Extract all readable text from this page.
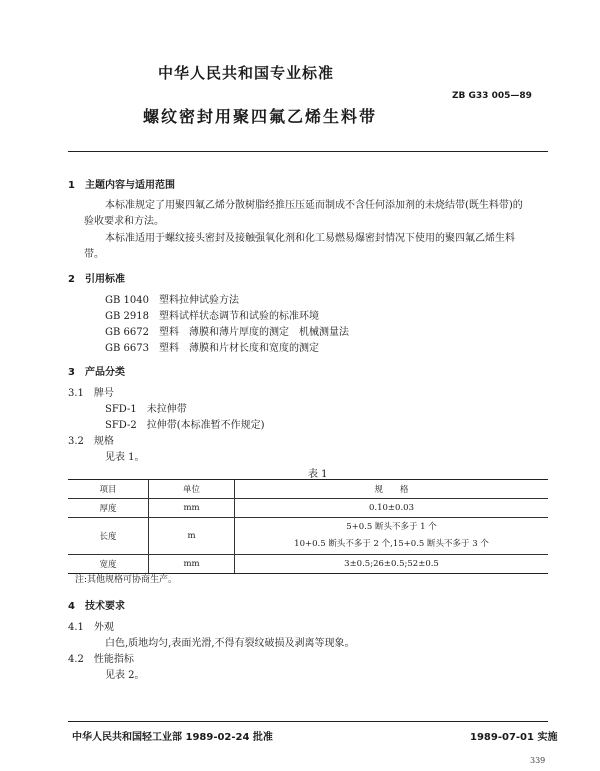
中华人民共和国专业标准
ZB G33 005—89
螺纹密封用聚四氟乙烯生料带
1　主题内容与适用范围
本标准规定了用聚四氟乙烯分散树脂经推压压延而制成不含任何添加剂的未烧结带(既生料带)的
验收要求和方法。
本标准适用于螺纹接头密封及接触强氧化剂和化工易燃易爆密封情况下使用的聚四氟乙烯生料
带。
2　引用标准
GB 1040　塑料拉伸试验方法
GB 2918　塑料试样状态调节和试验的标准环境
GB 6672　塑料　薄膜和薄片厚度的测定　机械测量法
GB 6673　塑料　薄膜和片材长度和宽度的测定
3　产品分类
3.1　牌号
SFD-1　未拉伸带
SFD-2　拉伸带(本标准暂不作规定)
3.2　规格
见表 1。
表 1
项目	单位	规　　格
厚度	mm	0.10±0.03
长度	m	5+0.5 断头不多于 1 个
10+0.5 断头不多于 2 个,15+0.5 断头不多于 3 个

宽度	mm	3±0.5;26±0.5;52±0.5
注:其他规格可协商生产。
4　技术要求
4.1　外观
白色,质地均匀,表面光滑,不得有裂纹破损及剥离等现象。
4.2　性能指标
见表 2。
中华人民共和国轻工业部 1989-02-24 批准	1989-07-01 实施
339
